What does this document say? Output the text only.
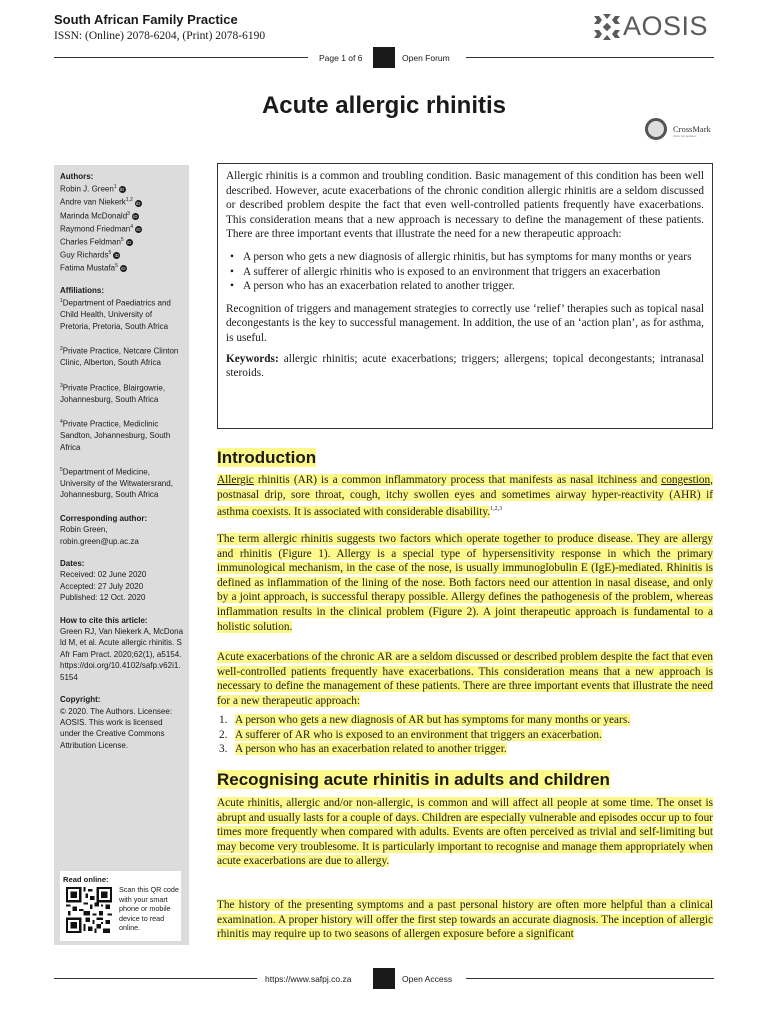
South African Family Practice
ISSN: (Online) 2078-6204, (Print) 2078-6190	AOSIS
Page 1 of 6	Open Forum
Acute allergic rhinitis
CrossMark
click for updates
Authors:
Robin J. Green$^1$ iD
Andre van Niekerk$^{1,2}$ iD
Marinda McDonald$^3$ iD
Raymond Friedman$^4$ iD
Charles Feldman$^5$ iD
Guy Richards$^5$ iD
Fatima Mustafa$^5$ iD
Affiliations:
$^1$Department of Paediatrics and Child Health, University of Pretoria, Pretoria, South Africa
$^2$Private Practice, Netcare Clinton Clinic, Alberton, South Africa
$^3$Private Practice, Blairgowrie, Johannesburg, South Africa
$^4$Private Practice, Mediclinic Sandton, Johannesburg, South Africa
$^5$Department of Medicine, University of the Witwatersrand, Johannesburg, South Africa
Corresponding author:
Robin Green,
robin.green@up.ac.za
Dates:
Received: 02 June 2020
Accepted: 27 July 2020
Published: 12 Oct. 2020
How to cite this article:
Green RJ, Van Niekerk A, McDonald M, et al. Acute allergic rhinitis. S Afr Fam Pract. 2020;62(1), a5154. https://doi.org/10.4102/safp.v62i1.5154
Copyright:
© 2020. The Authors. Licensee: AOSIS. This work is licensed under the Creative Commons Attribution License.
Read online:
Scan this QR code with your smart phone or mobile device to read online.

Allergic rhinitis is a common and troubling condition. Basic management of this condition has been well described. However, acute exacerbations of the chronic condition allergic rhinitis are a seldom discussed or described problem despite the fact that even well-controlled patients frequently have exacerbations. This consideration means that a new approach is necessary to define the management of these patients. There are three important events that illustrate the need for a new therapeutic approach:

• A person who gets a new diagnosis of allergic rhinitis, but has symptoms for many months or years
• A sufferer of allergic rhinitis who is exposed to an environment that triggers an exacerbation
• A person who has an exacerbation related to another trigger.

Recognition of triggers and management strategies to correctly use ‘relief’ therapies such as topical nasal decongestants is the key to successful management. In addition, the use of an ‘action plan’, as for asthma, is useful.

Keywords: allergic rhinitis; acute exacerbations; triggers; allergens; topical decongestants; intranasal steroids.

Introduction

Allergic rhinitis (AR) is a common inflammatory process that manifests as nasal itchiness and congestion, postnasal drip, sore throat, cough, itchy swollen eyes and sometimes airway hyper-reactivity (AHR) if asthma coexists. It is associated with considerable disability.$^{1,2,3}$

The term allergic rhinitis suggests two factors which operate together to produce disease. They are allergy and rhinitis (Figure 1). Allergy is a special type of hypersensitivity response in which the primary immunological mechanism, in the case of the nose, is usually immunoglobulin E (IgE)-mediated. Rhinitis is defined as inflammation of the lining of the nose. Both factors need our attention in nasal disease, and only by a joint approach, is successful therapy possible. Allergy defines the pathogenesis of the problem, whereas inflammation results in the clinical problem (Figure 2). A joint therapeutic approach is fundamental to a holistic solution.

Acute exacerbations of the chronic AR are a seldom discussed or described problem despite the fact that even well-controlled patients frequently have exacerbations. This consideration means that a new approach is necessary to define the management of these patients. There are three important events that illustrate the need for a new therapeutic approach:

1. A person who gets a new diagnosis of AR but has symptoms for many months or years.
2. A sufferer of AR who is exposed to an environment that triggers an exacerbation.
3. A person who has an exacerbation related to another trigger.
Recognising acute rhinitis in adults and children

Acute rhinitis, allergic and/or non-allergic, is common and will affect all people at some time. The onset is abrupt and usually lasts for a couple of days. Children are especially vulnerable and episodes occur up to four times more frequently when compared with adults. Events are often perceived as trivial and self-limiting but may become very troublesome. It is particularly important to recognise and manage them appropriately when acute exacerbations are due to allergy.

The history of the presenting symptoms and a past personal history are often more helpful than a clinical examination. A proper history will offer the first step towards an accurate diagnosis. The inception of allergic rhinitis may require up to two seasons of allergen exposure before a significant

https://www.safpj.co.za	Open Access
